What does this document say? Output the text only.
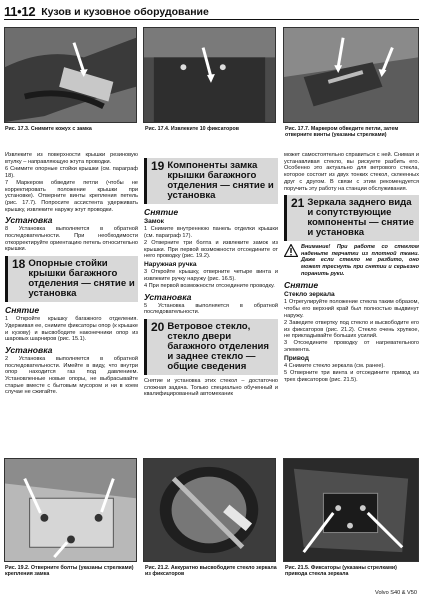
11•12 Кузов и кузовное оборудование
Рис. 17.3. Снимите кожух с замка	Рис. 17.4. Извлеките 10 фиксаторов	Рис. 17.7. Маркером обведите петли, затем отверните винты (указаны стрелками)

Извлеките из поверхности крышки резиновую втулку – направляющую жгута проводки.

6 Снимите опорные стойки крышки (см. параграф 18).

7 Маркером обведите петли (чтобы не корректировать положение крышки при установке). Отверните винты крепления петель (рис. 17.7). Попросите ассистента удерживать крышку, извлеките наружу жгут проводки.

Установка

8 Установка выполняется в обратной последовательности. При необходимости откорректируйте ориентацию петель относительно крышки.

18 Опорные стойки крышки багажного отделения — снятие и установка
Снятие

1 Откройте крышку багажного отделения. Удерживая ее, снимите фиксаторы опор (к крышке и кузову) и высвободите наконечники опор из шаровых шарниров (рис. 15.1).

Установка

2 Установка выполняется в обратной последовательности. Имейте в виду, что внутри опор находится газ под давлением. Установленные новые опоры, не выбрасывайте старые вместе с бытовым мусором и ни в коем случае не сжигайте.

19 Компоненты замка крышки багажного отделения — снятие и установка
Снятие
Замок

1 Снимите внутреннюю панель отделки крышки (см. параграф 17).

2 Отверните три болта и извлеките замок из крышки. При первой возможности отсоедините от него проводку (рис. 19.2).

Наружная ручка

3 Откройте крышку, отверните четыре винта и извлеките ручку наружу (рис. 16.5).

4 При первой возможности отсоедините проводку.

Установка

5 Установка выполняется в обратной последовательности.

20 Ветровое стекло, стекло двери багажного отделения и заднее стекло — общие сведения

Снятие и установка этих стекол – достаточно сложная задача. Только специально обученный и квалифицированный автомеханик

может самостоятельно справиться с ней. Снимая и устанавливая стекло, вы рискуете разбить его. Особенно это актуально для ветрового стекла, которое состоит из двух тонких стекол, склеенных друг с другом. В связи с этим рекомендуется поручить эту работу на станции обслуживания.

21 Зеркала заднего вида и сопутствующие компоненты — снятие и установка
Внимание! При работе со стеклом наденьте перчатки из плотной ткани. Даже если стекло не разбито, оно может треснуть при снятии и серьезно поранить руки.
Снятие
Стекло зеркала

1 Отрегулируйте положение стекла таким образом, чтобы его верхний край был полностью выдвинут наружу.

2 Заведите отвертку под стекло и высвободите его из фиксаторов (рис. 21.2). Стекло очень хрупкое, не прикладывайте больших усилий.

3 Отсоедините проводку от нагревательного элемента.

Привод

4 Снимите стекло зеркала (см. ранее).

5 Отверните три винта и отсоедините привод из трех фиксаторов (рис. 21.5).

Рис. 19.2. Отверните болты (указаны стрелками) крепления замка
Рис. 21.2. Аккуратно высвободите стекло зеркала из фиксаторов
Рис. 21.5. Фиксаторы (указаны стрелками) привода стекла зеркала
Volvo S40 & V50
